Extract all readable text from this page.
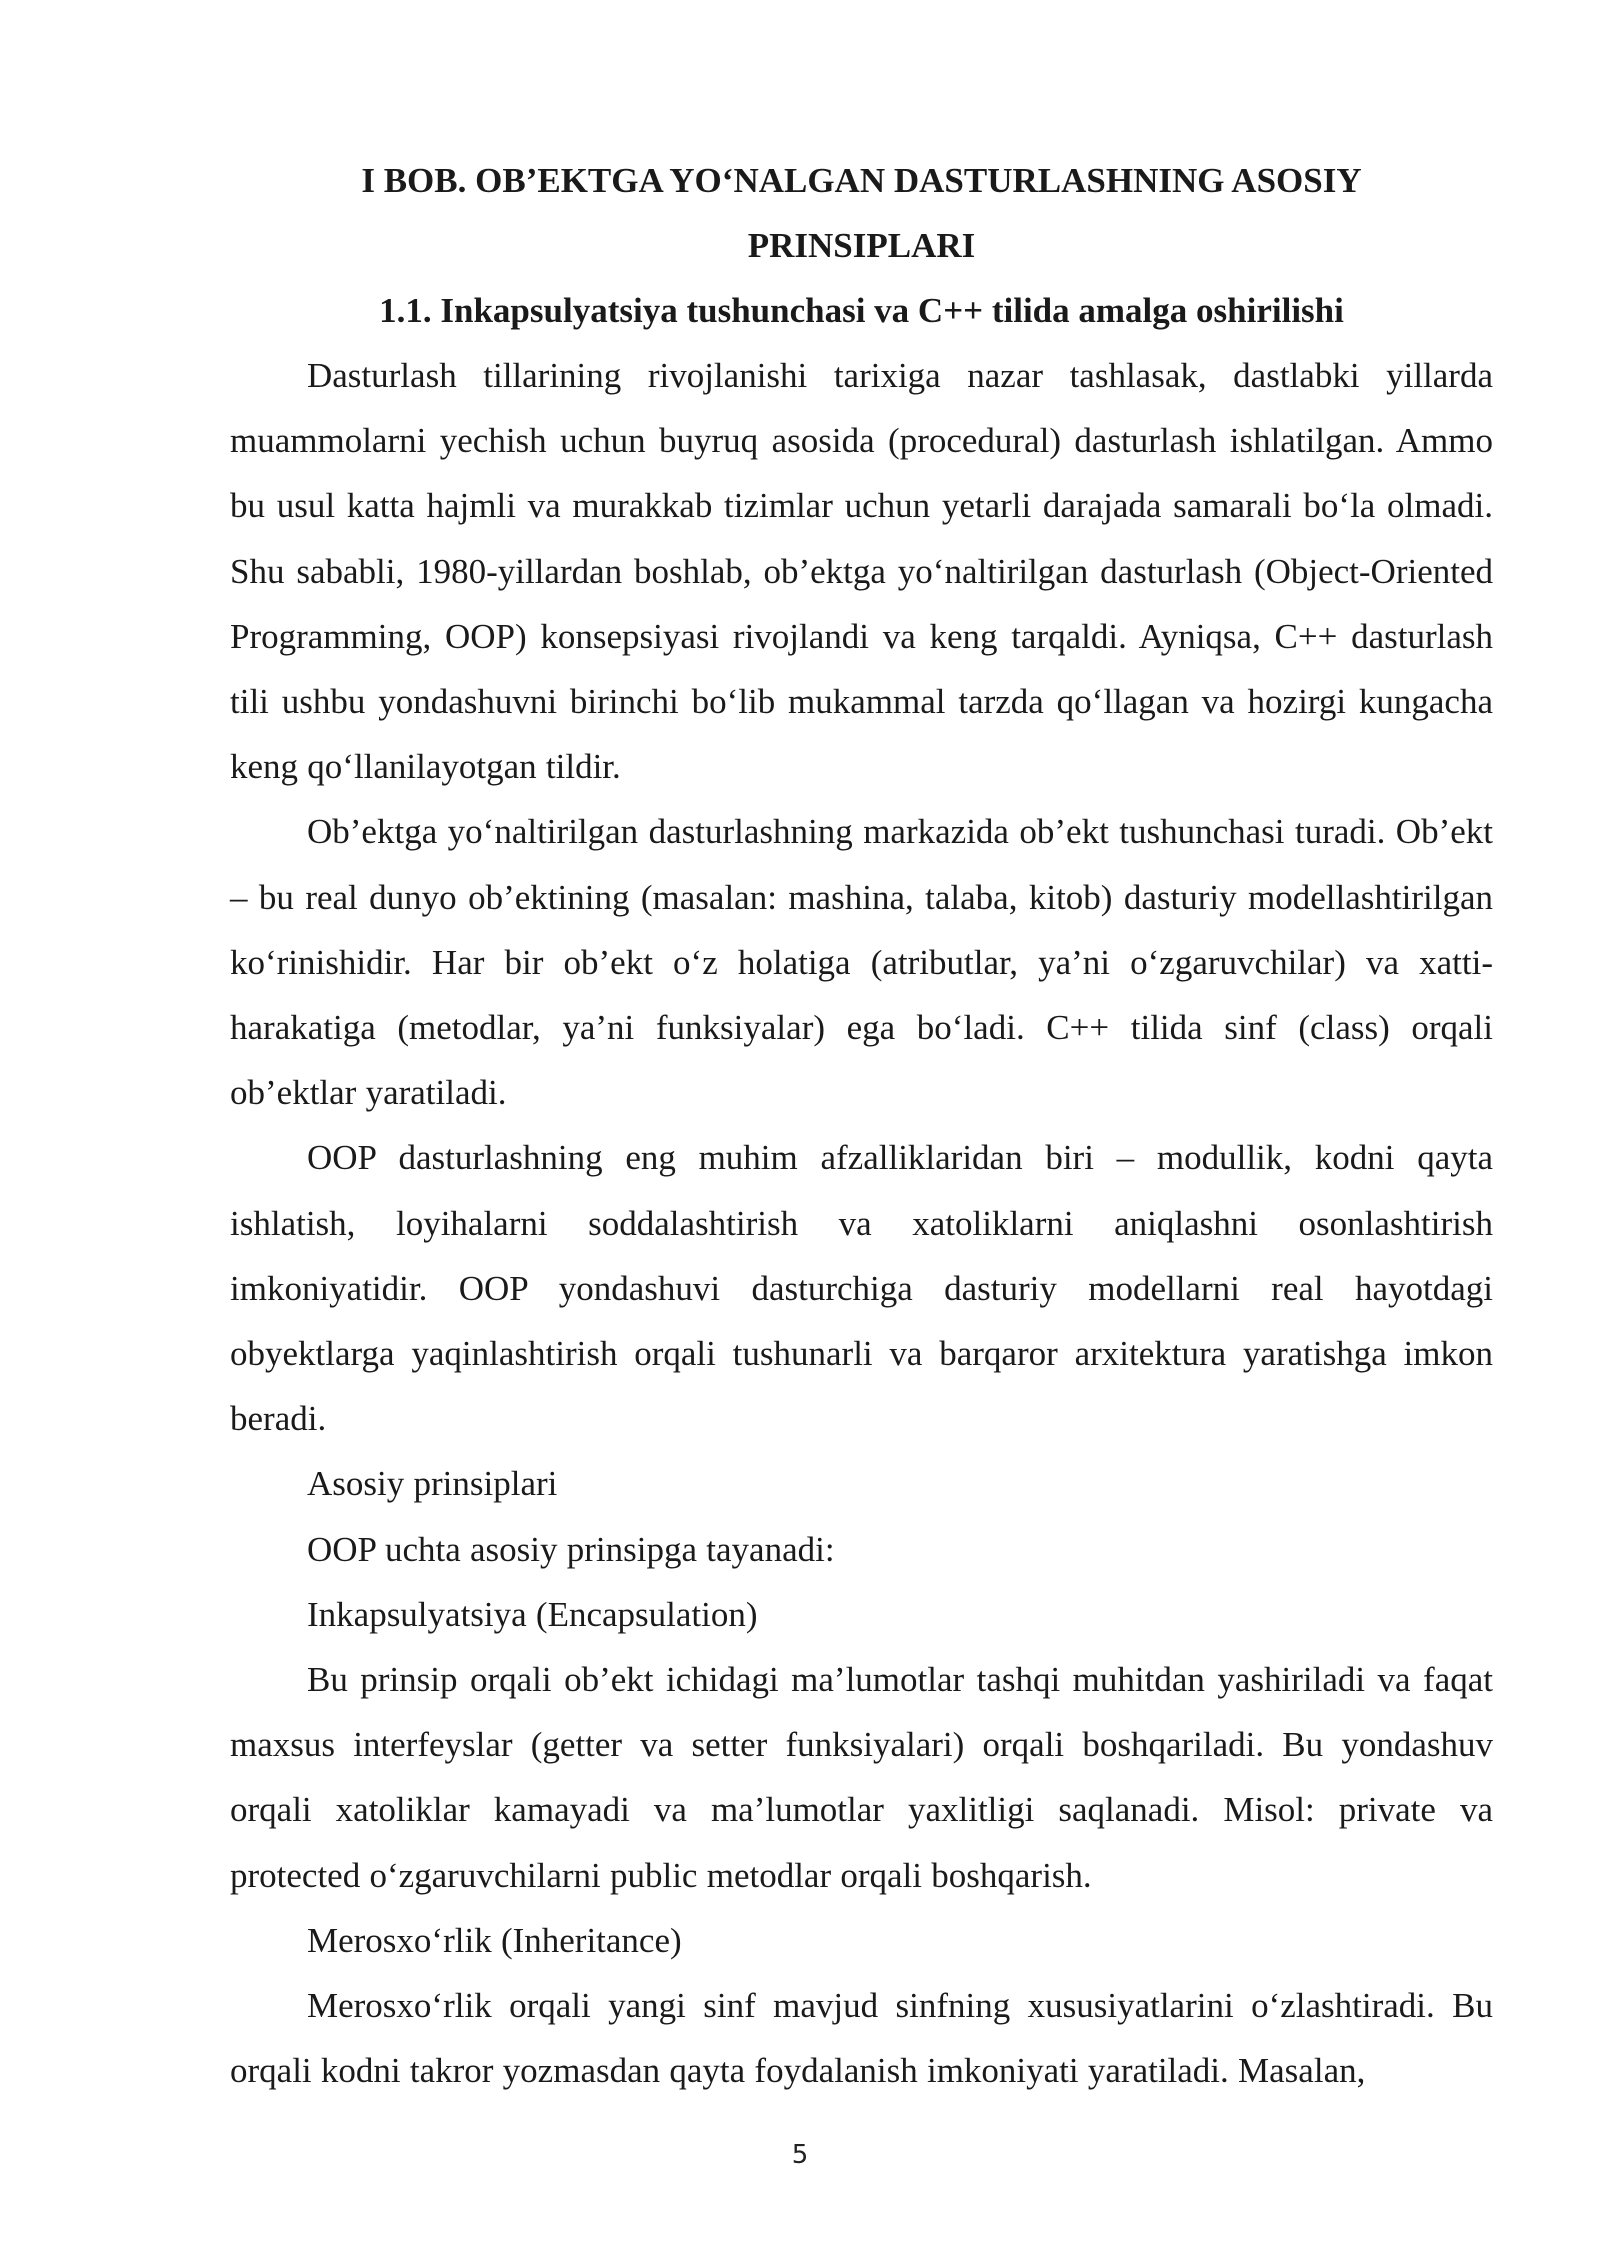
I BOB. OB’EKTGA YO‘NALGAN DASTURLASHNING ASOSIY PRINSIPLARI
1.1. Inkapsulyatsiya tushunchasi va C++ tilida amalga oshirilishi

Dasturlash tillarining rivojlanishi tarixiga nazar tashlasak, dastlabki yillarda muammolarni yechish uchun buyruq asosida (procedural) dasturlash ishlatilgan. Ammo bu usul katta hajmli va murakkab tizimlar uchun yetarli darajada samarali bo‘la olmadi. Shu sababli, 1980-yillardan boshlab, ob’ektga yo‘naltirilgan dasturlash (Object-Oriented Programming, OOP) konsepsiyasi rivojlandi va keng tarqaldi. Ayniqsa, C++ dasturlash tili ushbu yondashuvni birinchi bo‘lib mukammal tarzda qo‘llagan va hozirgi kungacha keng qo‘llanilayotgan tildir.

Ob’ektga yo‘naltirilgan dasturlashning markazida ob’ekt tushunchasi turadi. Ob’ekt – bu real dunyo ob’ektining (masalan: mashina, talaba, kitob) dasturiy modellashtirilgan ko‘rinishidir. Har bir ob’ekt o‘z holatiga (atributlar, ya’ni o‘zgaruvchilar) va xatti-harakatiga (metodlar, ya’ni funksiyalar) ega bo‘ladi. C++ tilida sinf (class) orqali ob’ektlar yaratiladi.

OOP dasturlashning eng muhim afzalliklaridan biri – modullik, kodni qayta ishlatish, loyihalarni soddalashtirish va xatoliklarni aniqlashni osonlashtirish imkoniyatidir. OOP yondashuvi dasturchiga dasturiy modellarni real hayotdagi obyektlarga yaqinlashtirish orqali tushunarli va barqaror arxitektura yaratishga imkon beradi.

Asosiy prinsiplari

OOP uchta asosiy prinsipga tayanadi:

Inkapsulyatsiya (Encapsulation)

Bu prinsip orqali ob’ekt ichidagi ma’lumotlar tashqi muhitdan yashiriladi va faqat maxsus interfeyslar (getter va setter funksiyalari) orqali boshqariladi. Bu yondashuv orqali xatoliklar kamayadi va ma’lumotlar yaxlitligi saqlanadi. Misol: private va protected o‘zgaruvchilarni public metodlar orqali boshqarish.

Merosxo‘rlik (Inheritance)

Merosxo‘rlik orqali yangi sinf mavjud sinfning xususiyatlarini o‘zlashtiradi. Bu orqali kodni takror yozmasdan qayta foydalanish imkoniyati yaratiladi. Masalan,

5
